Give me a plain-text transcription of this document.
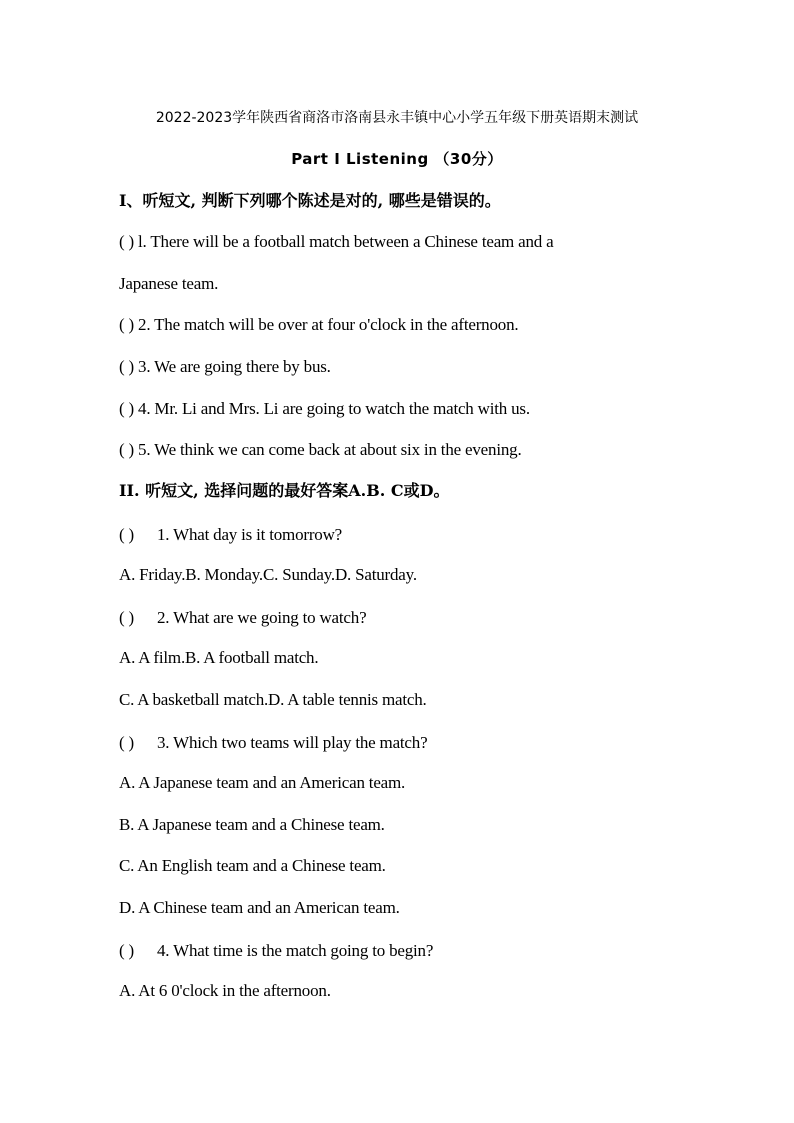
2022-2023学年陕西省商洛市洛南县永丰镇中心小学五年级下册英语期末测试
Part Ⅰ Listening （30分）
Ⅰ、听短文, 判断下列哪个陈述是对的, 哪些是错误的。
( ) l. There will be a football match between a Chinese team and a
Japanese team.
( ) 2. The match will be over at four o'clock in the afternoon.
( ) 3. We are going there by bus.
( ) 4. Mr. Li and Mrs. Li are going to watch the match with us.
( ) 5. We think we can come back at about six in the evening.
II. 听短文, 选择问题的最好答案A.B. C或D。
( ) 1. What day is it tomorrow?
A. Friday.B. Monday.C. Sunday.D. Saturday.
( ) 2. What are we going to watch?
A. A film.B. A football match.
C. A basketball match.D. A table tennis match.
( ) 3. Which two teams will play the match?
A. A Japanese team and an American team.
B. A Japanese team and a Chinese team.
C. An English team and a Chinese team.
D. A Chinese team and an American team.
( ) 4. What time is the match going to begin?
A. At 6 0'clock in the afternoon.
